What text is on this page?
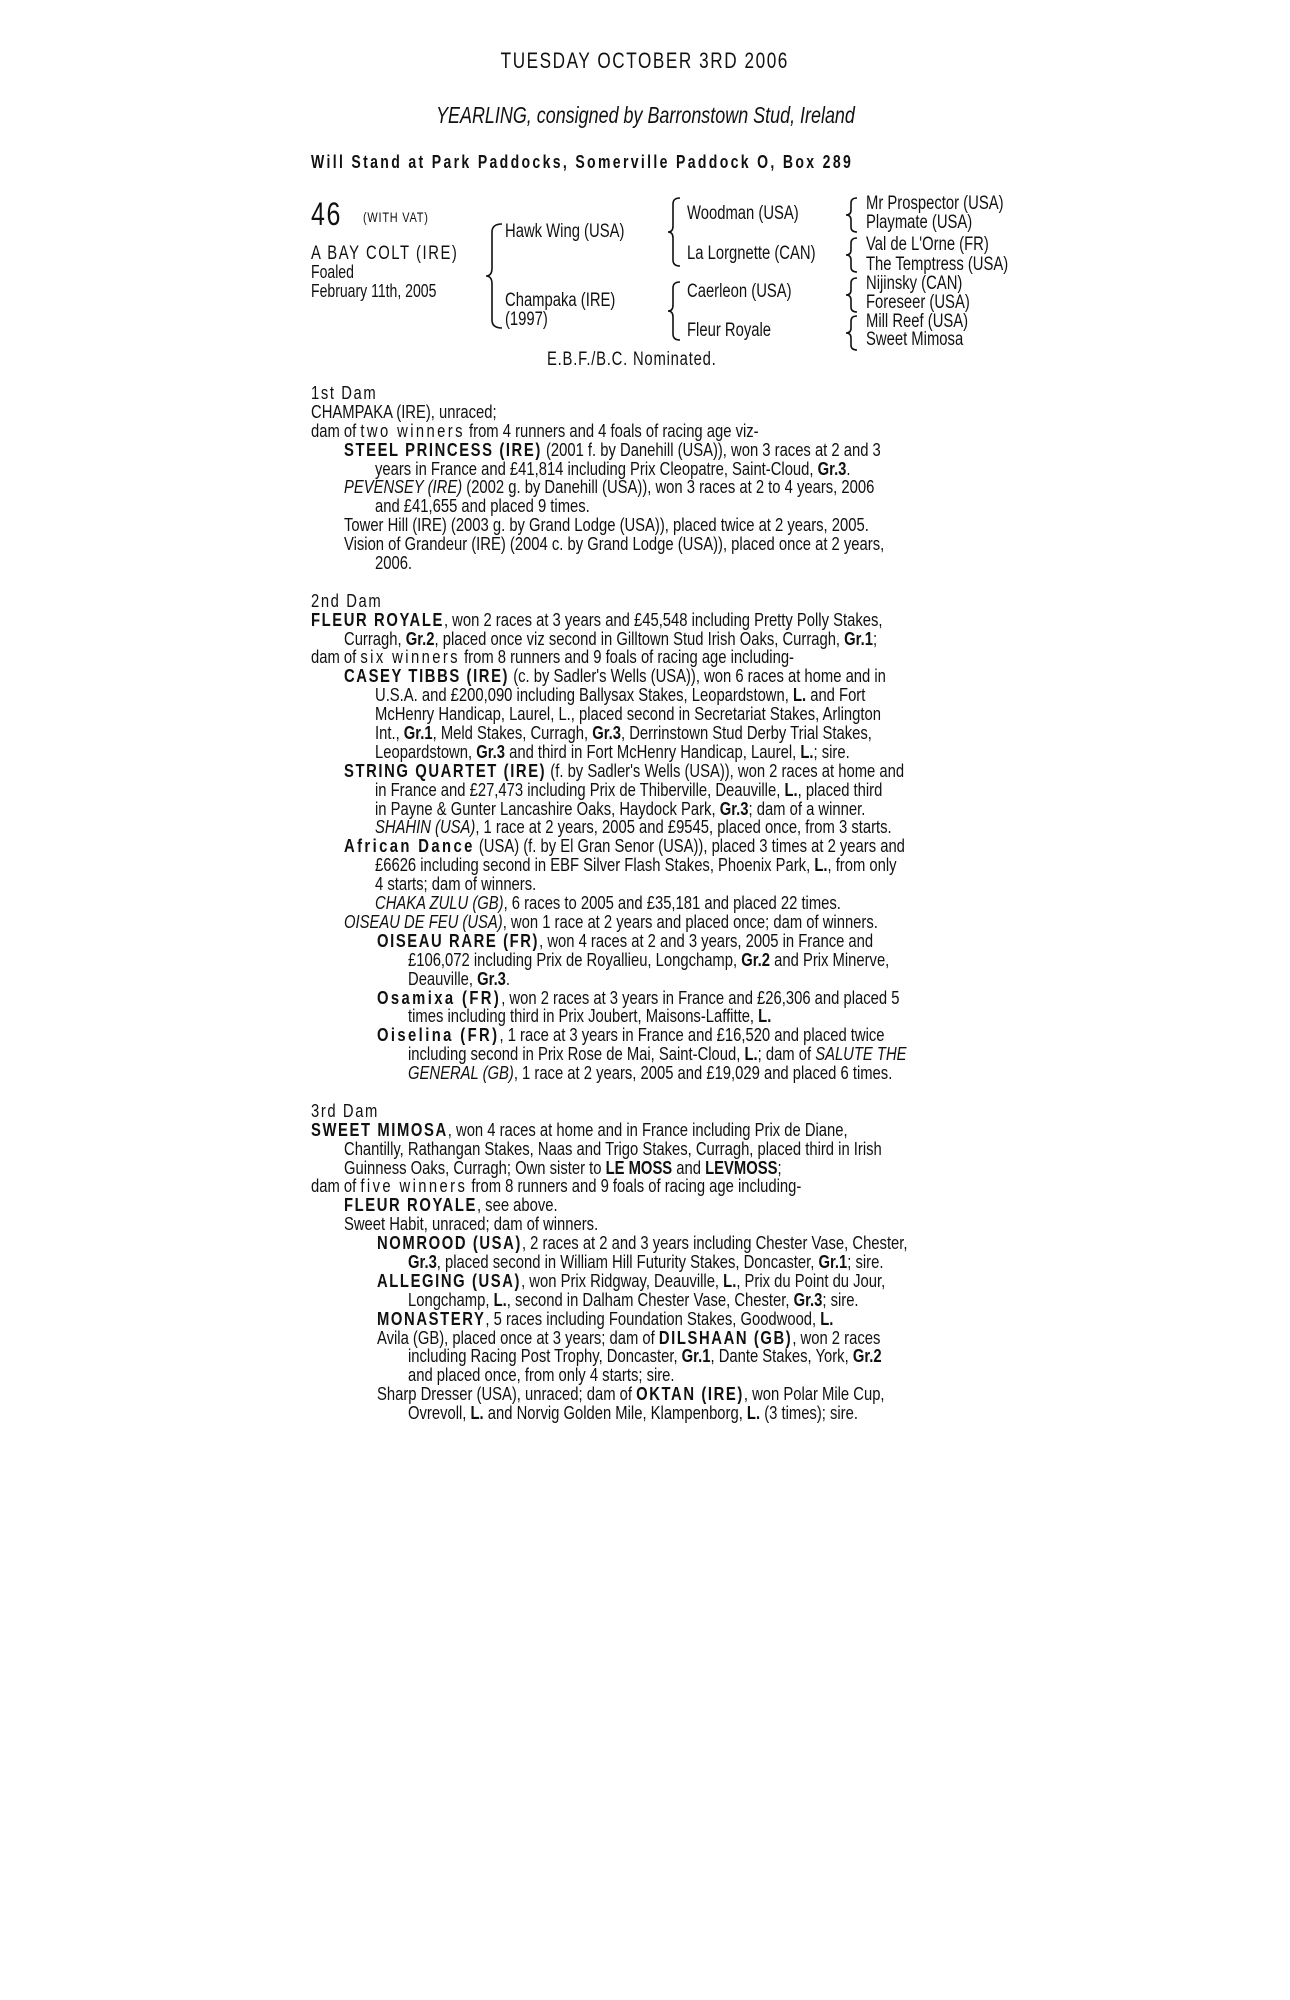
TUESDAY OCTOBER 3RD 2006
YEARLING, consigned by Barronstown Stud, Ireland
Will Stand at Park Paddocks, Somerville Paddock O, Box 289
46	(WITH VAT)
A BAY COLT (IRE)
Foaled
February 11th, 2005
Hawk Wing (USA)
Champaka (IRE)
(1997)
Woodman (USA)
La Lorgnette (CAN)
Caerleon (USA)
Fleur Royale
Mr Prospector (USA)
Playmate (USA)
Val de L'Orne (FR)
The Temptress (USA)
Nijinsky (CAN)
Foreseer (USA)
Mill Reef (USA)
Sweet Mimosa
E.B.F./B.C. Nominated.
1st Dam
CHAMPAKA (IRE), unraced;
dam of two winners from 4 runners and 4 foals of racing age viz-
STEEL PRINCESS (IRE) (2001 f. by Danehill (USA)), won 3 races at 2 and 3
years in France and £41,814 including Prix Cleopatre, Saint-Cloud, Gr.3.
PEVENSEY (IRE) (2002 g. by Danehill (USA)), won 3 races at 2 to 4 years, 2006
and £41,655 and placed 9 times.
Tower Hill (IRE) (2003 g. by Grand Lodge (USA)), placed twice at 2 years, 2005.
Vision of Grandeur (IRE) (2004 c. by Grand Lodge (USA)), placed once at 2 years,
2006.
2nd Dam
FLEUR ROYALE, won 2 races at 3 years and £45,548 including Pretty Polly Stakes,
Curragh, Gr.2, placed once viz second in Gilltown Stud Irish Oaks, Curragh, Gr.1;
dam of six winners from 8 runners and 9 foals of racing age including-
CASEY TIBBS (IRE) (c. by Sadler's Wells (USA)), won 6 races at home and in
U.S.A. and £200,090 including Ballysax Stakes, Leopardstown, L. and Fort
McHenry Handicap, Laurel, L., placed second in Secretariat Stakes, Arlington
Int., Gr.1, Meld Stakes, Curragh, Gr.3, Derrinstown Stud Derby Trial Stakes,
Leopardstown, Gr.3 and third in Fort McHenry Handicap, Laurel, L.; sire.
STRING QUARTET (IRE) (f. by Sadler's Wells (USA)), won 2 races at home and
in France and £27,473 including Prix de Thiberville, Deauville, L., placed third
in Payne & Gunter Lancashire Oaks, Haydock Park, Gr.3; dam of a winner.
SHAHIN (USA), 1 race at 2 years, 2005 and £9545, placed once, from 3 starts.
African Dance (USA) (f. by El Gran Senor (USA)), placed 3 times at 2 years and
£6626 including second in EBF Silver Flash Stakes, Phoenix Park, L., from only
4 starts; dam of winners.
CHAKA ZULU (GB), 6 races to 2005 and £35,181 and placed 22 times.
OISEAU DE FEU (USA), won 1 race at 2 years and placed once; dam of winners.
OISEAU RARE (FR), won 4 races at 2 and 3 years, 2005 in France and
£106,072 including Prix de Royallieu, Longchamp, Gr.2 and Prix Minerve,
Deauville, Gr.3.
Osamixa (FR), won 2 races at 3 years in France and £26,306 and placed 5
times including third in Prix Joubert, Maisons-Laffitte, L.
Oiselina (FR), 1 race at 3 years in France and £16,520 and placed twice
including second in Prix Rose de Mai, Saint-Cloud, L.; dam of SALUTE THE
GENERAL (GB), 1 race at 2 years, 2005 and £19,029 and placed 6 times.
3rd Dam
SWEET MIMOSA, won 4 races at home and in France including Prix de Diane,
Chantilly, Rathangan Stakes, Naas and Trigo Stakes, Curragh, placed third in Irish
Guinness Oaks, Curragh; Own sister to LE MOSS and LEVMOSS;
dam of five winners from 8 runners and 9 foals of racing age including-
FLEUR ROYALE, see above.
Sweet Habit, unraced; dam of winners.
NOMROOD (USA), 2 races at 2 and 3 years including Chester Vase, Chester,
Gr.3, placed second in William Hill Futurity Stakes, Doncaster, Gr.1; sire.
ALLEGING (USA), won Prix Ridgway, Deauville, L., Prix du Point du Jour,
Longchamp, L., second in Dalham Chester Vase, Chester, Gr.3; sire.
MONASTERY, 5 races including Foundation Stakes, Goodwood, L.
Avila (GB), placed once at 3 years; dam of DILSHAAN (GB), won 2 races
including Racing Post Trophy, Doncaster, Gr.1, Dante Stakes, York, Gr.2
and placed once, from only 4 starts; sire.
Sharp Dresser (USA), unraced; dam of OKTAN (IRE), won Polar Mile Cup,
Ovrevoll, L. and Norvig Golden Mile, Klampenborg, L. (3 times); sire.
